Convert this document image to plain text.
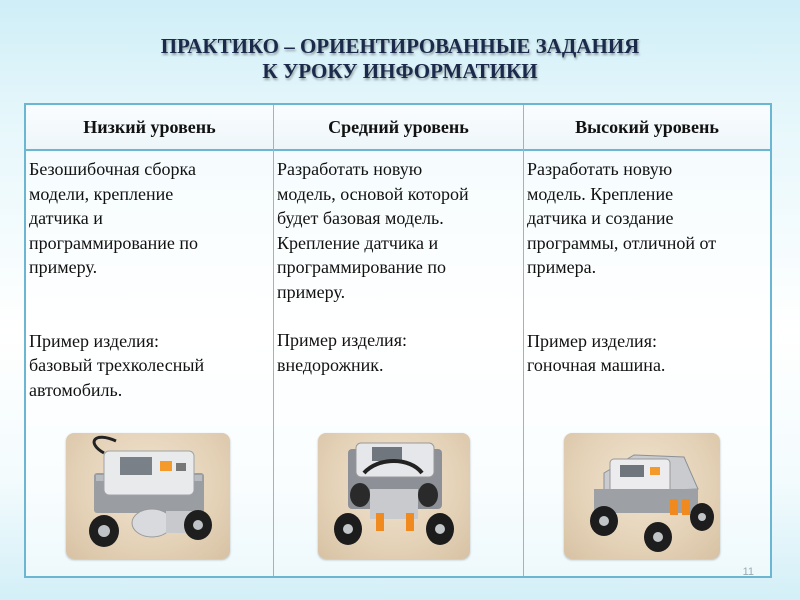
ПРАКТИКО – ОРИЕНТИРОВАННЫЕ ЗАДАНИЯ
К УРОКУ ИНФОРМАТИКИ
Низкий уровень
Безошибочная сборка
модели, крепление
датчика и
программирование по
примеру.
Пример изделия:
базовый трехколесный
автомобиль.
Средний уровень
Разработать новую
модель, основой которой
будет базовая модель.
Крепление датчика и
программирование по
примеру.
Пример изделия:
внедорожник.
Высокий уровень
Разработать новую
модель. Крепление
датчика и создание
программы, отличной от
примера.
Пример изделия:
гоночная машина.
11
